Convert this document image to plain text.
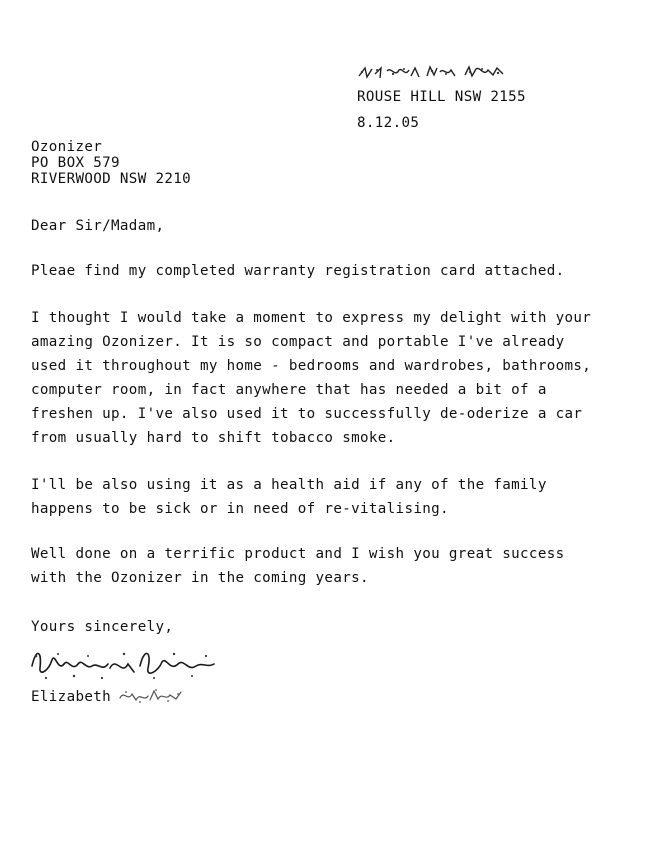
ROUSE HILL NSW 2155
8.12.05
Ozonizer
PO BOX 579
RIVERWOOD NSW 2210
Dear Sir/Madam,
Pleae find my completed warranty registration card attached.
I thought I would take a moment to express my delight with your
amazing Ozonizer. It is so compact and portable I've already
used it throughout my home - bedrooms and wardrobes, bathrooms,
computer room, in fact anywhere that has needed a bit of a
freshen up. I've also used it to successfully de-oderize a car
from usually hard to shift tobacco smoke.
I'll be also using it as a health aid if any of the family
happens to be sick or in need of re-vitalising.
Well done on a terrific product and I wish you great success
with the Ozonizer in the coming years.
Yours sincerely,
Elizabeth
